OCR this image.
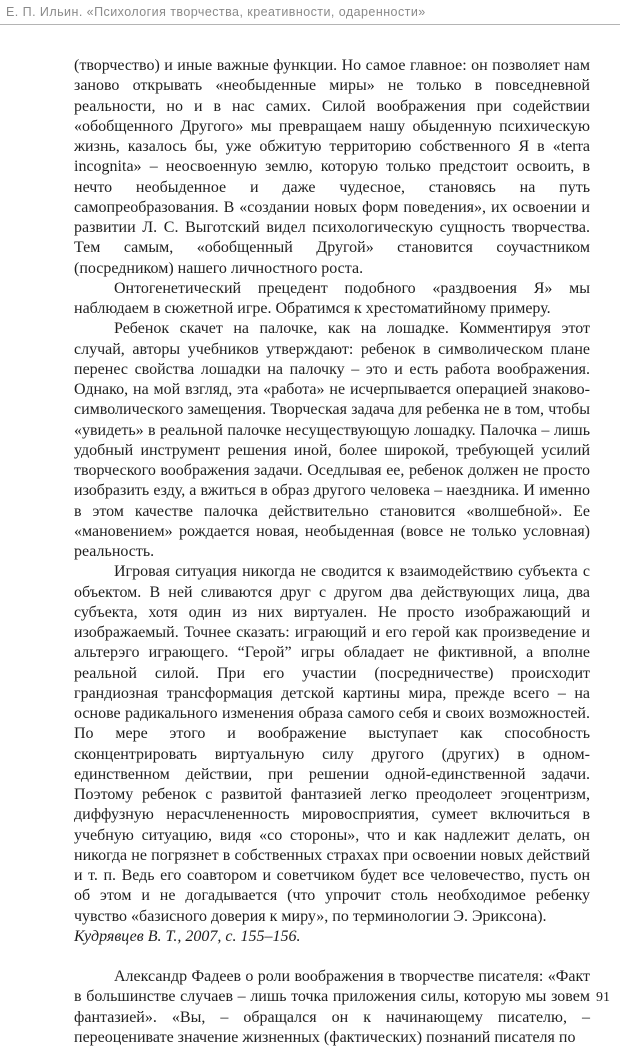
Е. П. Ильин. «Психология творчества, креативности, одаренности»

(творчество) и иные важные функции. Но самое главное: он позволяет нам заново открывать «необыденные миры» не только в повседневной реальности, но и в нас самих. Силой воображения при содействии «обобщенного Другого» мы превращаем нашу обыденную психическую жизнь, казалось бы, уже обжитую территорию собственного Я в «terra incognita» – неосвоенную землю, которую только предстоит освоить, в нечто необыденное и даже чудесное, становясь на путь самопреобразования. В «создании новых форм поведения», их освоении и развитии Л. С. Выготский видел психологическую сущность творчества. Тем самым, «обобщенный Другой» становится соучастником (посредником) нашего личностного роста.

Онтогенетический прецедент подобного «раздвоения Я» мы наблюдаем в сюжетной игре. Обратимся к хрестоматийному примеру.

Ребенок скачет на палочке, как на лошадке. Комментируя этот случай, авторы учебников утверждают: ребенок в символическом плане перенес свойства лошадки на палочку – это и есть работа воображения. Однако, на мой взгляд, эта «работа» не исчерпывается операцией знаково-символического замещения. Творческая задача для ребенка не в том, чтобы «увидеть» в реальной палочке несуществующую лошадку. Палочка – лишь удобный инструмент решения иной, более широкой, требующей усилий творческого воображения задачи. Оседлывая ее, ребенок должен не просто изобразить езду, а вжиться в образ другого человека – наездника. И именно в этом качестве палочка действительно становится «волшебной». Ее «мановением» рождается новая, необыденная (вовсе не только условная) реальность.

Игровая ситуация никогда не сводится к взаимодействию субъекта с объектом. В ней сливаются друг с другом два действующих лица, два субъекта, хотя один из них виртуален. Не просто изображающий и изображаемый. Точнее сказать: играющий и его герой как произведение и альтерэго играющего. “Герой” игры обладает не фиктивной, а вполне реальной силой. При его участии (посредничестве) происходит грандиозная трансформация детской картины мира, прежде всего – на основе радикального изменения образа самого себя и своих возможностей. По мере этого и воображение выступает как способность сконцентрировать виртуальную силу другого (других) в одном-единственном действии, при решении одной-единственной задачи. Поэтому ребенок с развитой фантазией легко преодолеет эгоцентризм, диффузную нерасчлененность мировосприятия, сумеет включиться в учебную ситуацию, видя «со стороны», что и как надлежит делать, он никогда не погрязнет в собственных страхах при освоении новых действий и т. п. Ведь его соавтором и советчиком будет все человечество, пусть он об этом и не догадывается (что упрочит столь необходимое ребенку чувство «базисного доверия к миру», по терминологии Э. Эриксона).

Кудрявцев В. Т., 2007, с. 155–156.

Александр Фадеев о роли воображения в творчестве писателя: «Факт в большинстве случаев – лишь точка приложения силы, которую мы зовем фантазией». «Вы, – обращался он к начинающему писателю, – переоценивате значение жизненных (фактических) познаний писателя по

91
